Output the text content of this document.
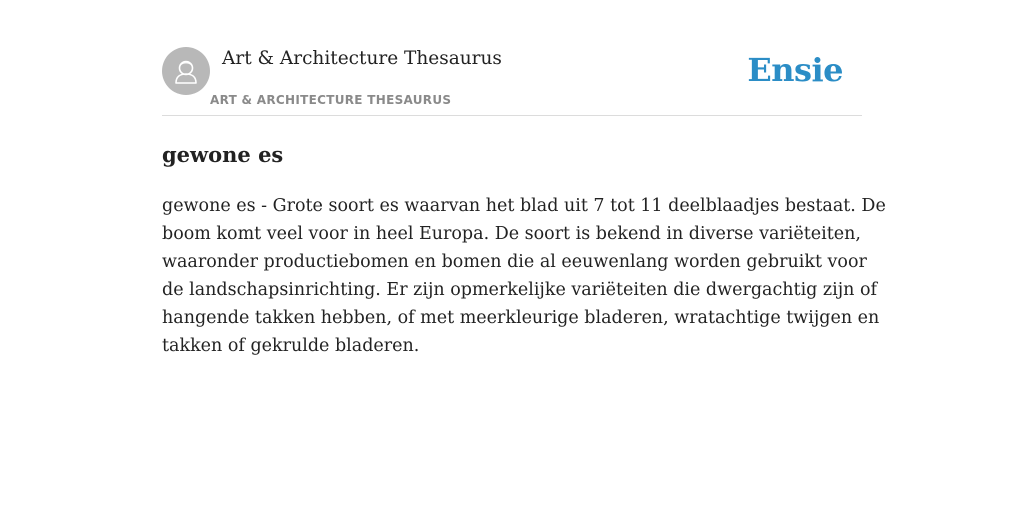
Art & Architecture Thesaurus
ART & ARCHITECTURE THESAURUS
Ensie
gewone es

gewone es - Grote soort es waarvan het blad uit 7 tot 11 deelblaadjes bestaat. De
boom komt veel voor in heel Europa. De soort is bekend in diverse variëteiten,
waaronder productiebomen en bomen die al eeuwenlang worden gebruikt voor
de landschapsinrichting. Er zijn opmerkelijke variëteiten die dwergachtig zijn of
hangende takken hebben, of met meerkleurige bladeren, wratachtige twijgen en
takken of gekrulde bladeren.
